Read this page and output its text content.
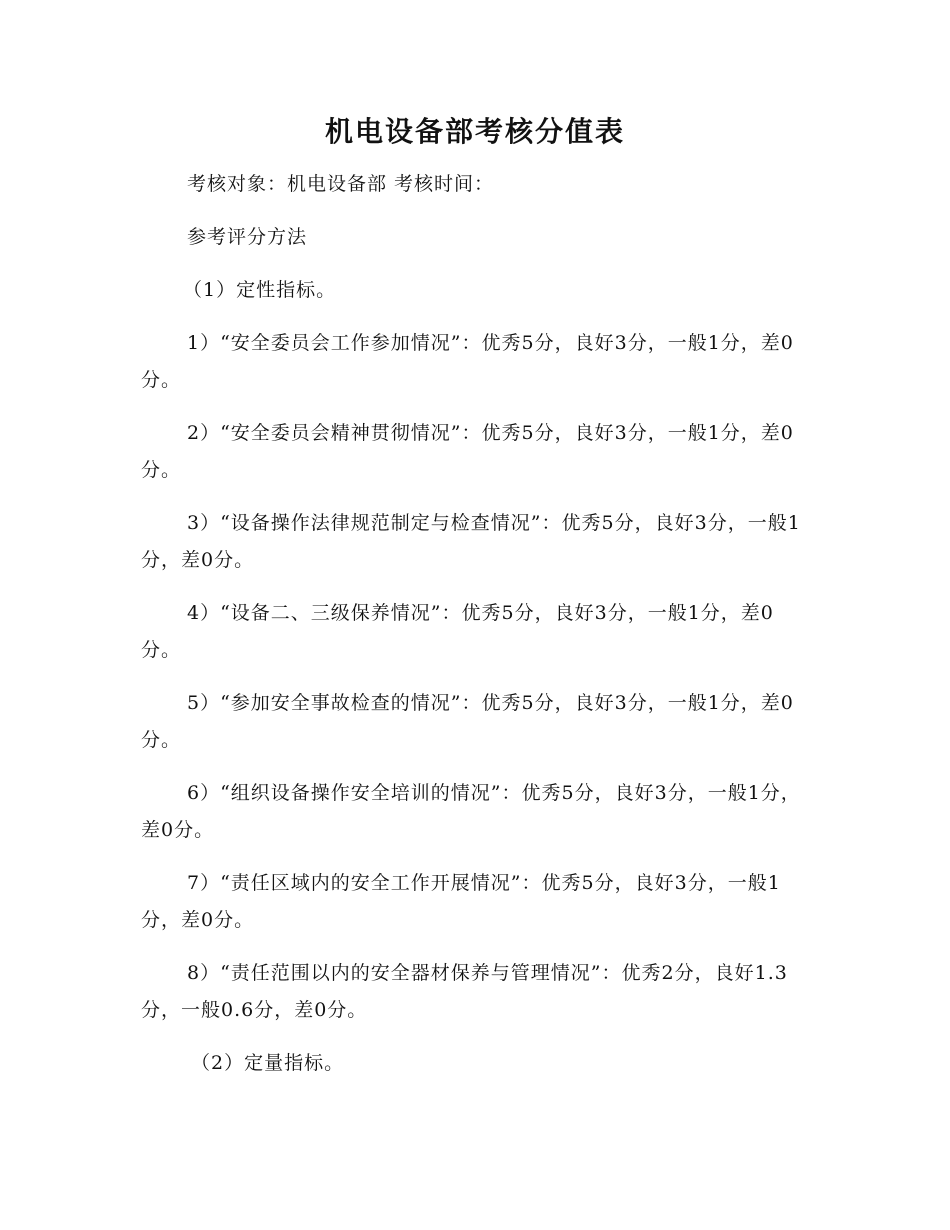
机电设备部考核分值表

考核对象：机电设备部 考核时间：

参考评分方法

（1）定性指标。

1）“安全委员会工作参加情况”：优秀5分，良好3分，一般1分，差0分。

2）“安全委员会精神贯彻情况”：优秀5分，良好3分，一般1分，差0分。

3）“设备操作法律规范制定与检查情况”：优秀5分，良好3分，一般1分，差0分。

4）“设备二、三级保养情况”：优秀5分，良好3分，一般1分，差0分。

5）“参加安全事故检查的情况”：优秀5分，良好3分，一般1分，差0分。

6）“组织设备操作安全培训的情况”：优秀5分，良好3分，一般1分，差0分。

7）“责任区域内的安全工作开展情况”：优秀5分，良好3分，一般1分，差0分。

8）“责任范围以内的安全器材保养与管理情况”：优秀2分，良好1.3分，一般0.6分，差0分。

（2）定量指标。
